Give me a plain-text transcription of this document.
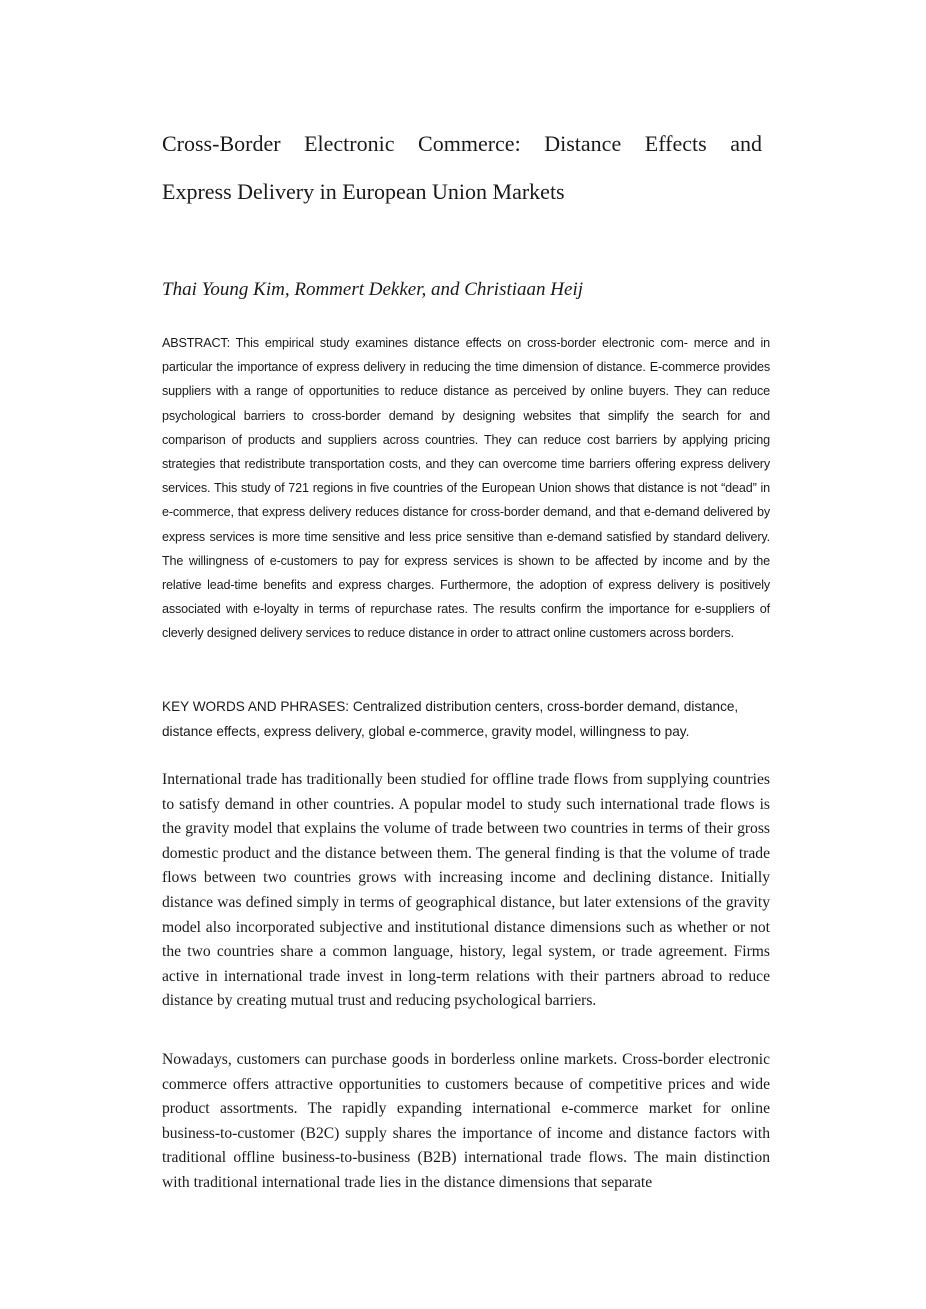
Cross-Border Electronic Commerce: Distance Effects and
Express Delivery in European Union Markets

Thai Young Kim, Rommert Dekker, and Christiaan Heij

ABSTRACT: This empirical study examines distance effects on cross-border electronic com- merce and in particular the importance of express delivery in reducing the time dimension of distance. E-commerce provides suppliers with a range of opportunities to reduce distance as perceived by online buyers. They can reduce psychological barriers to cross-border demand by designing websites that simplify the search for and comparison of products and suppliers across countries. They can reduce cost barriers by applying pricing strategies that redistribute transportation costs, and they can overcome time barriers offering express delivery services. This study of 721 regions in five countries of the European Union shows that distance is not “dead” in e-commerce, that express delivery reduces distance for cross-border demand, and that e-demand delivered by express services is more time sensitive and less price sensitive than e-demand satisfied by standard delivery. The willingness of e-customers to pay for express services is shown to be affected by income and by the relative lead-time benefits and express charges. Furthermore, the adoption of express delivery is positively associated with e-loyalty in terms of repurchase rates. The results confirm the importance for e-suppliers of cleverly designed delivery services to reduce distance in order to attract online customers across borders.

KEY WORDS AND PHRASES: Centralized distribution centers, cross-border demand, distance, distance effects, express delivery, global e-commerce, gravity model, willingness to pay.

International trade has traditionally been studied for offline trade flows from supplying countries to satisfy demand in other countries. A popular model to study such international trade flows is the gravity model that explains the volume of trade between two countries in terms of their gross domestic product and the distance between them. The general finding is that the volume of trade flows between two countries grows with increasing income and declining distance. Initially distance was defined simply in terms of geographical distance, but later extensions of the gravity model also incorporated subjective and institutional distance dimensions such as whether or not the two countries share a common language, history, legal system, or trade agreement. Firms active in international trade invest in long-term relations with their partners abroad to reduce distance by creating mutual trust and reducing psychological barriers.

Nowadays, customers can purchase goods in borderless online markets. Cross-border electronic commerce offers attractive opportunities to customers because of competitive prices and wide product assortments. The rapidly expanding international e-commerce market for online business-to-customer (B2C) supply shares the importance of income and distance factors with traditional offline business-to-business (B2B) international trade flows. The main distinction with traditional international trade lies in the distance dimensions that separate
